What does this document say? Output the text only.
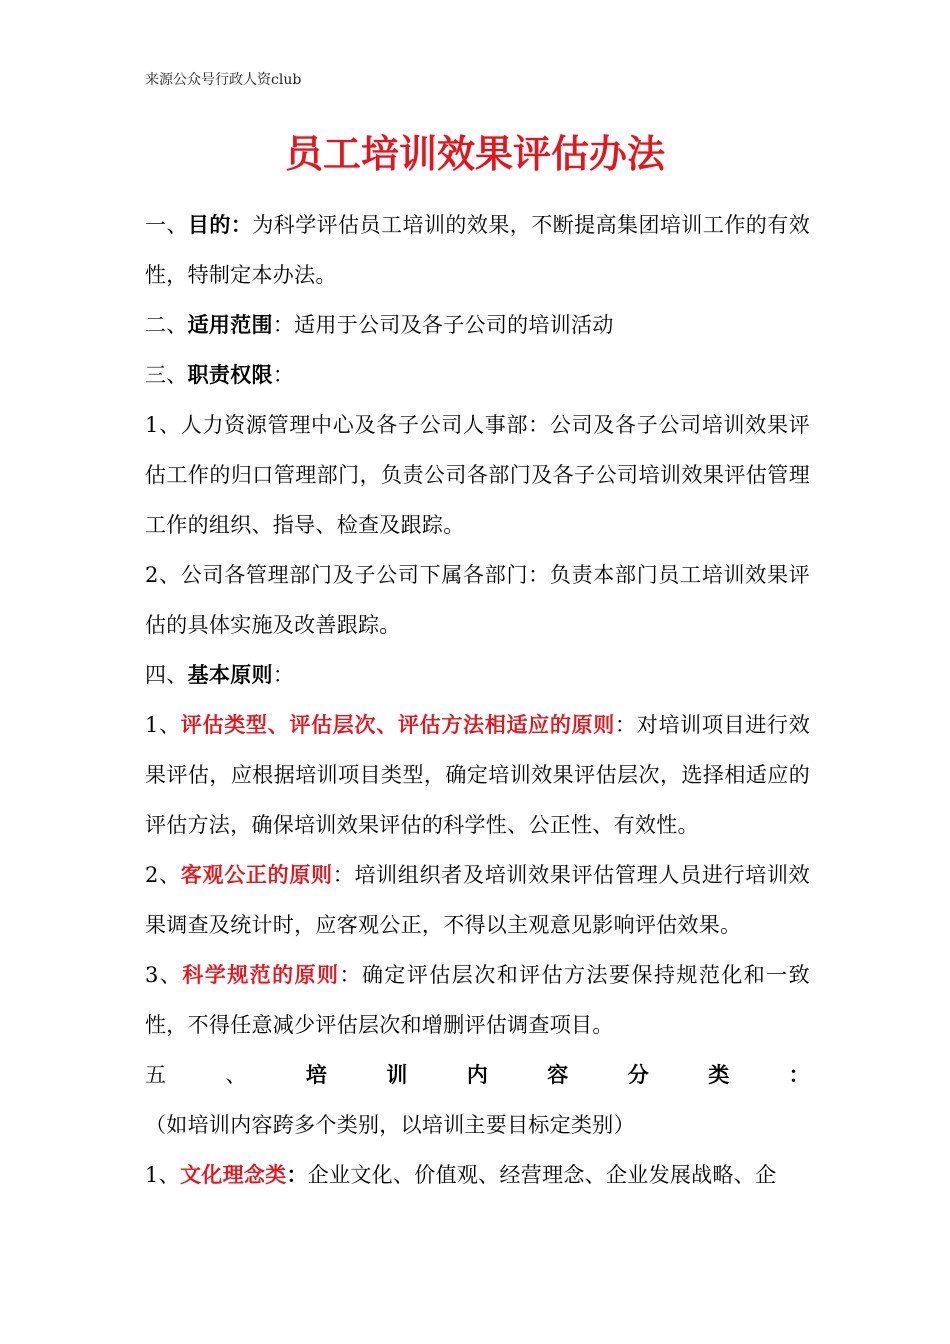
来源公众号行政人资club
员工培训效果评估办法

一、目的：为科学评估员工培训的效果，不断提高集团培训工作的有效性，特制定本办法。

二、适用范围：适用于公司及各子公司的培训活动

三、职责权限：

1、人力资源管理中心及各子公司人事部：公司及各子公司培训效果评估工作的归口管理部门，负责公司各部门及各子公司培训效果评估管理工作的组织、指导、检查及跟踪。

2、公司各管理部门及子公司下属各部门：负责本部门员工培训效果评估的具体实施及改善跟踪。

四、基本原则：

1、评估类型、评估层次、评估方法相适应的原则：对培训项目进行效果评估，应根据培训项目类型，确定培训效果评估层次，选择相适应的评估方法，确保培训效果评估的科学性、公正性、有效性。

2、客观公正的原则：培训组织者及培训效果评估管理人员进行培训效果调查及统计时，应客观公正，不得以主观意见影响评估效果。

3、科学规范的原则：确定评估层次和评估方法要保持规范化和一致性，不得任意减少评估层次和增删评估调查项目。

五、培训内容分类：（如培训内容跨多个类别，以培训主要目标定类别）

1、文化理念类：企业文化、价值观、经营理念、企业发展战略、企
